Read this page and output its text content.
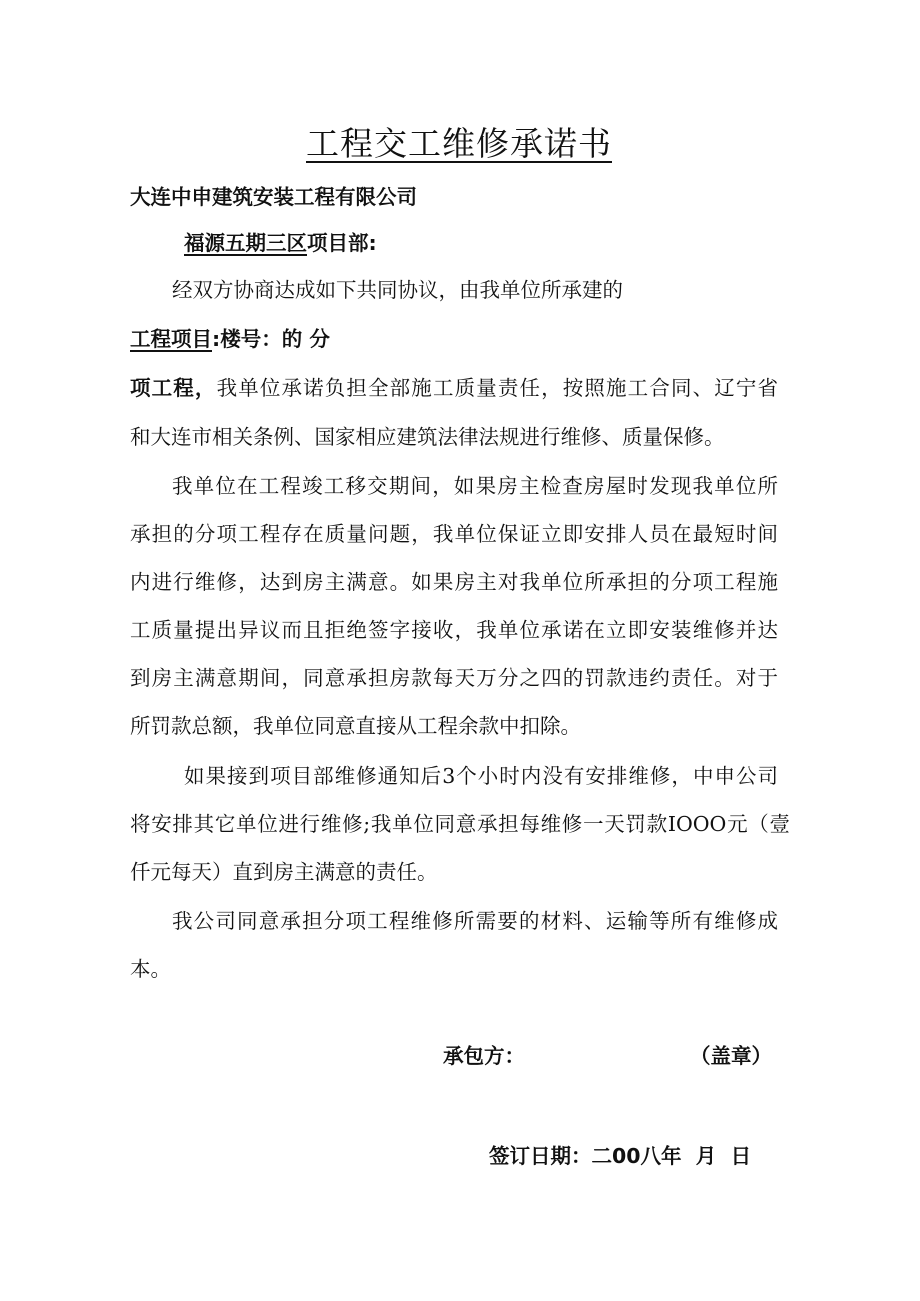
工程交工维修承诺书
大连中申建筑安装工程有限公司
福源五期三区项目部:
经双方协商达成如下共同协议，由我单位所承建的
工程项目:楼号：的 分
项工程，我单位承诺负担全部施工质量责任，按照施工合同、辽宁省
和大连市相关条例、国家相应建筑法律法规进行维修、质量保修。
我单位在工程竣工移交期间，如果房主检查房屋时发现我单位所
承担的分项工程存在质量问题，我单位保证立即安排人员在最短时间
内进行维修，达到房主满意。如果房主对我单位所承担的分项工程施
工质量提出异议而且拒绝签字接收，我单位承诺在立即安装维修并达
到房主满意期间，同意承担房款每天万分之四的罚款违约责任。对于
所罚款总额，我单位同意直接从工程余款中扣除。
如果接到项目部维修通知后3个小时内没有安排维修，中申公司
将安排其它单位进行维修;我单位同意承担每维修一天罚款IOOO元（壹
仟元每天）直到房主满意的责任。
我公司同意承担分项工程维修所需要的材料、运输等所有维修成
本。
承包方：	（盖章）
签订日期：二00八年  月  日
